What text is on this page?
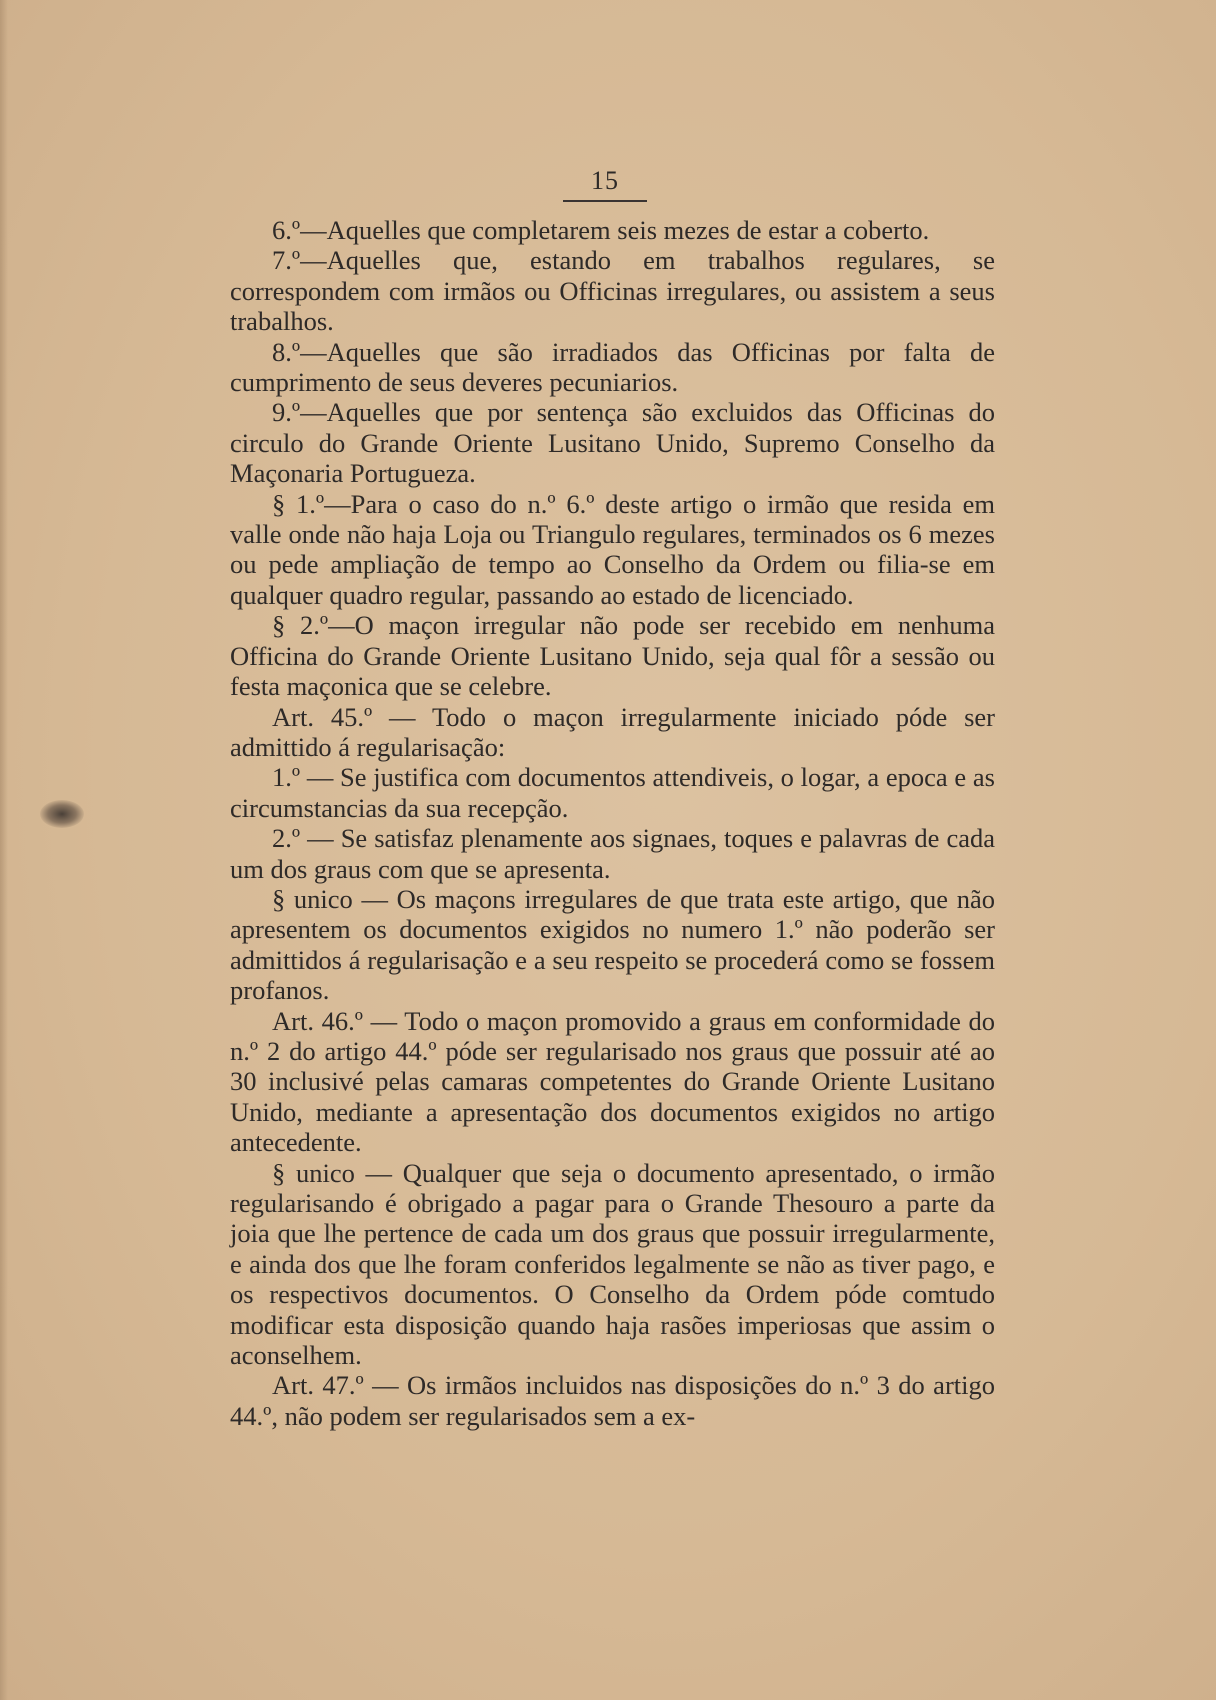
15

6.º—Aquelles que completarem seis mezes de estar a coberto.

7.º—Aquelles que, estando em trabalhos regulares, se correspondem com irmãos ou Officinas irregulares, ou assistem a seus trabalhos.

8.º—Aquelles que são irradiados das Officinas por falta de cumprimento de seus deveres pecuniarios.

9.º—Aquelles que por sentença são excluidos das Officinas do circulo do Grande Oriente Lusitano Unido, Supremo Conselho da Maçonaria Portugueza.

§ 1.º—Para o caso do n.º 6.º deste artigo o irmão que resida em valle onde não haja Loja ou Triangulo regulares, terminados os 6 mezes ou pede ampliação de tempo ao Conselho da Ordem ou filia-se em qualquer quadro regular, passando ao estado de licenciado.

§ 2.º—O maçon irregular não pode ser recebido em nenhuma Officina do Grande Oriente Lusitano Unido, seja qual fôr a sessão ou festa maçonica que se celebre.

Art. 45.º — Todo o maçon irregularmente iniciado póde ser admittido á regularisação:

1.º — Se justifica com documentos attendiveis, o logar, a epoca e as circumstancias da sua recepção.

2.º — Se satisfaz plenamente aos signaes, toques e palavras de cada um dos graus com que se apresenta.

§ unico — Os maçons irregulares de que trata este artigo, que não apresentem os documentos exigidos no numero 1.º não poderão ser admittidos á regularisação e a seu respeito se procederá como se fossem profanos.

Art. 46.º — Todo o maçon promovido a graus em conformidade do n.º 2 do artigo 44.º póde ser regularisado nos graus que possuir até ao 30 inclusivé pelas camaras competentes do Grande Oriente Lusitano Unido, mediante a apresentação dos documentos exigidos no artigo antecedente.

§ unico — Qualquer que seja o documento apresentado, o irmão regularisando é obrigado a pagar para o Grande Thesouro a parte da joia que lhe pertence de cada um dos graus que possuir irregularmente, e ainda dos que lhe foram conferidos legalmente se não as tiver pago, e os respectivos documentos. O Conselho da Ordem póde comtudo modificar esta disposição quando haja rasões imperiosas que assim o aconselhem.

Art. 47.º — Os irmãos incluidos nas disposições do n.º 3 do artigo 44.º, não podem ser regularisados sem a ex-
